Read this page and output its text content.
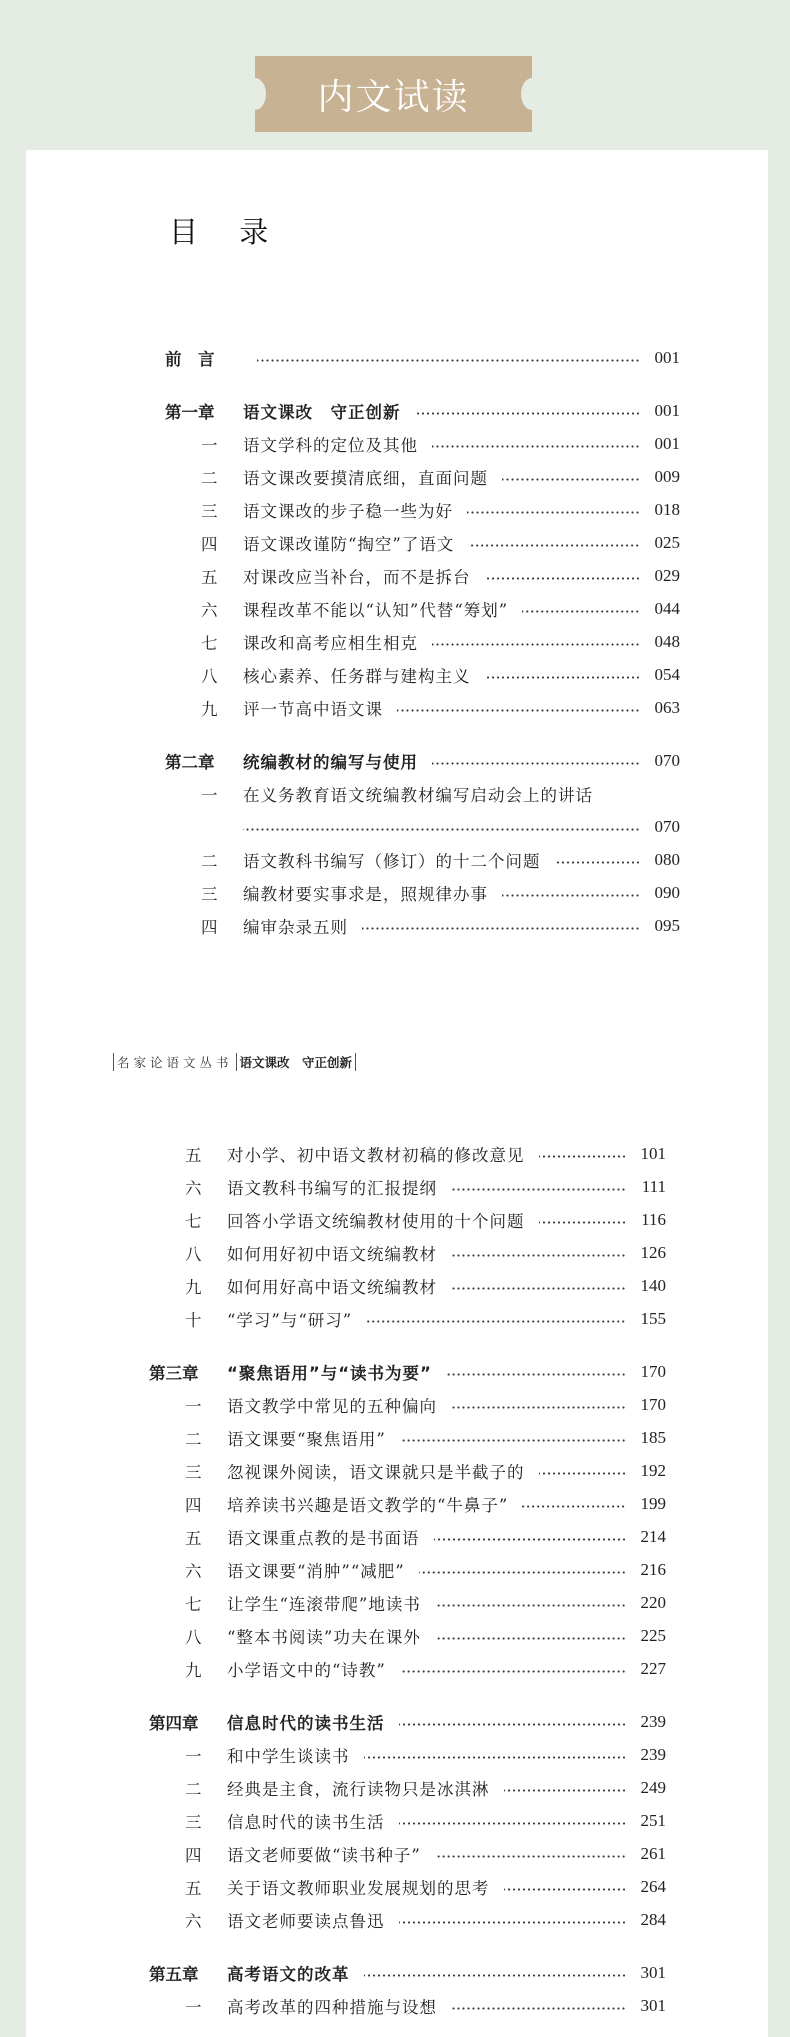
内文试读
目 录
前　言	001
第一章	语文课改　守正创新	001
一	语文学科的定位及其他	001
二	语文课改要摸清底细，直面问题	009
三	语文课改的步子稳一些为好	018
四	语文课改谨防“掏空”了语文	025
五	对课改应当补台，而不是拆台	029
六	课程改革不能以“认知”代替“筹划”	044
七	课改和高考应相生相克	048
八	核心素养、任务群与建构主义	054
九	评一节高中语文课	063
第二章	统编教材的编写与使用	070
一	在义务教育语文统编教材编写启动会上的讲话
070
二	语文教科书编写（修订）的十二个问题	080
三	编教材要实事求是，照规律办事	090
四	编审杂录五则	095
名家论语文丛书 语文课改　守正创新
五	对小学、初中语文教材初稿的修改意见	101
六	语文教科书编写的汇报提纲	111
七	回答小学语文统编教材使用的十个问题	116
八	如何用好初中语文统编教材	126
九	如何用好高中语文统编教材	140
十	“学习”与“研习”	155
第三章	“聚焦语用”与“读书为要”	170
一	语文教学中常见的五种偏向	170
二	语文课要“聚焦语用”	185
三	忽视课外阅读，语文课就只是半截子的	192
四	培养读书兴趣是语文教学的“牛鼻子”	199
五	语文课重点教的是书面语	214
六	语文课要“消肿”“减肥”	216
七	让学生“连滚带爬”地读书	220
八	“整本书阅读”功夫在课外	225
九	小学语文中的“诗教”	227
第四章	信息时代的读书生活	239
一	和中学生谈读书	239
二	经典是主食，流行读物只是冰淇淋	249
三	信息时代的读书生活	251
四	语文老师要做“读书种子”	261
五	关于语文教师职业发展规划的思考	264
六	语文老师要读点鲁迅	284
第五章	高考语文的改革	301
一	高考改革的四种措施与设想	301
